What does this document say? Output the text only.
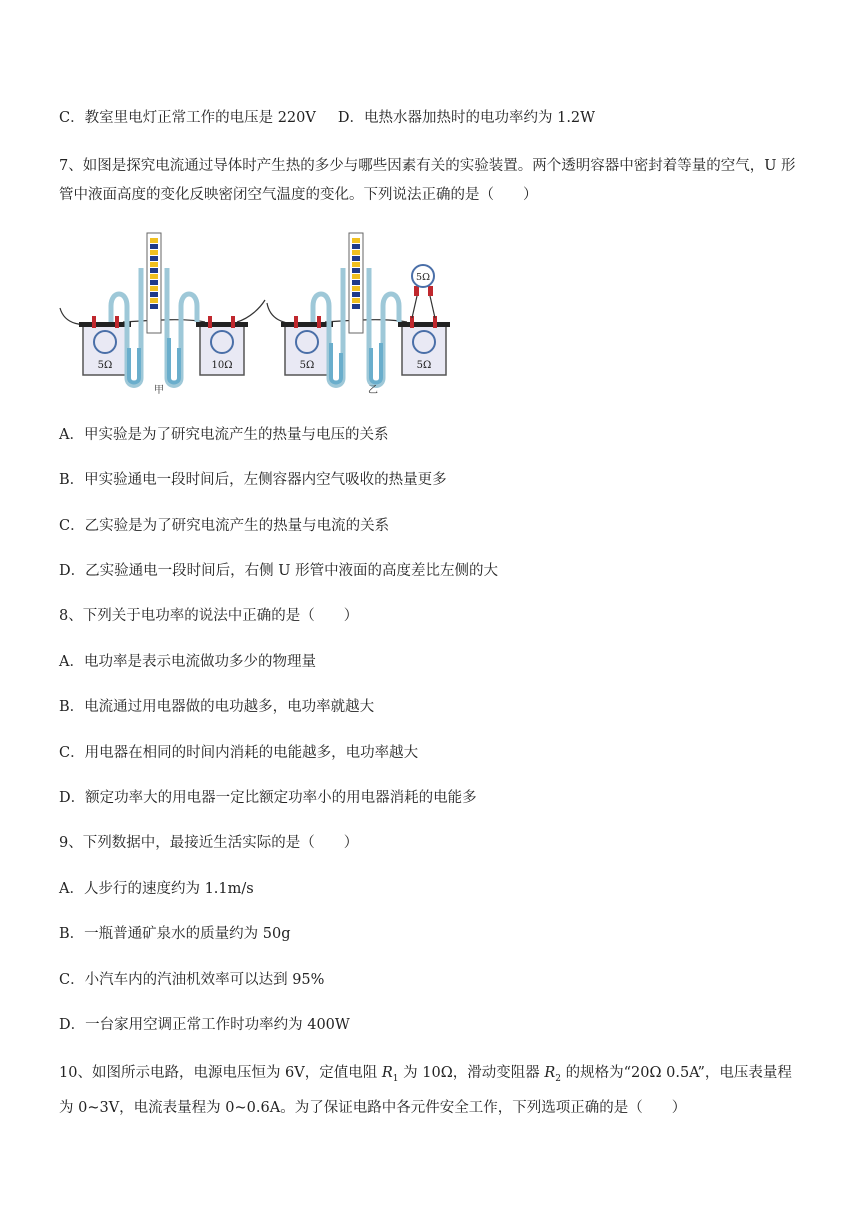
C．教室里电灯正常工作的电压是 220V D．电热水器加热时的电功率约为 1.2W
7、如图是探究电流通过导体时产生热的多少与哪些因素有关的实验装置。两个透明容器中密封着等量的空气，U 形管中液面高度的变化反映密闭空气温度的变化。下列说法正确的是（　　）
5Ω	10Ω
甲
5Ω
5Ω	5Ω
乙
A．甲实验是为了研究电流产生的热量与电压的关系
B．甲实验通电一段时间后，左侧容器内空气吸收的热量更多
C．乙实验是为了研究电流产生的热量与电流的关系
D．乙实验通电一段时间后，右侧 U 形管中液面的高度差比左侧的大
8、下列关于电功率的说法中正确的是（　　）
A．电功率是表示电流做功多少的物理量
B．电流通过用电器做的电功越多，电功率就越大
C．用电器在相同的时间内消耗的电能越多，电功率越大
D．额定功率大的用电器一定比额定功率小的用电器消耗的电能多
9、下列数据中，最接近生活实际的是（　　）
A．人步行的速度约为 1.1m/s
B．一瓶普通矿泉水的质量约为 50g
C．小汽车内的汽油机效率可以达到 95%
D．一台家用空调正常工作时功率约为 400W
10、如图所示电路，电源电压恒为 6V，定值电阻 $R_1$ 为 10Ω，滑动变阻器 $R_2$ 的规格为“20Ω 0.5A”，电压表量程为 0~3V，电流表量程为 0~0.6A。为了保证电路中各元件安全工作，下列选项正确的是（　　）
